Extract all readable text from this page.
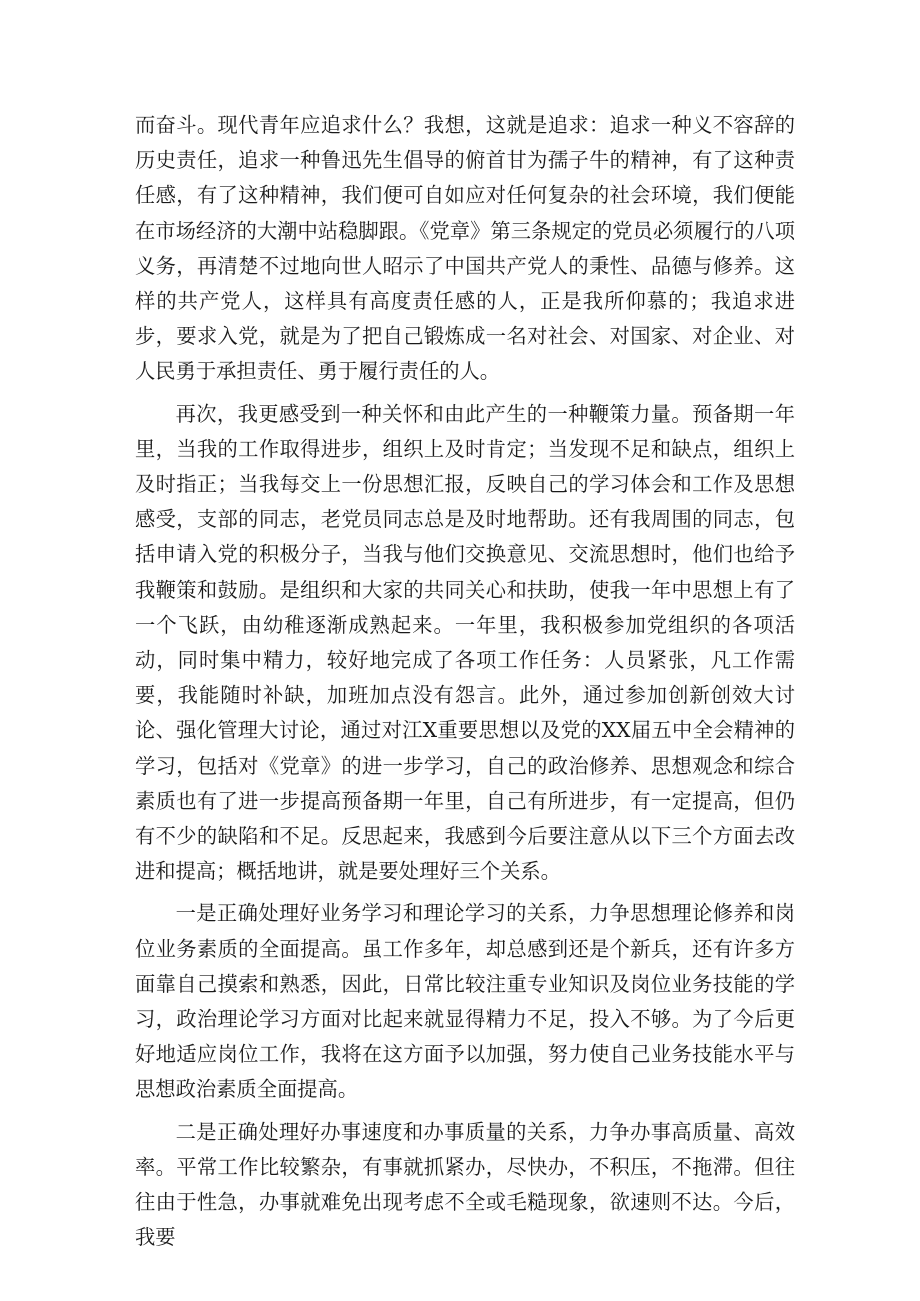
而奋斗。现代青年应追求什么？我想，这就是追求：追求一种义不容辞的历史责任，追求一种鲁迅先生倡导的俯首甘为孺子牛的精神，有了这种责任感，有了这种精神，我们便可自如应对任何复杂的社会环境，我们便能在市场经济的大潮中站稳脚跟。《党章》第三条规定的党员必须履行的八项义务，再清楚不过地向世人昭示了中国共产党人的秉性、品德与修养。这样的共产党人，这样具有高度责任感的人，正是我所仰慕的；我追求进步，要求入党，就是为了把自己锻炼成一名对社会、对国家、对企业、对人民勇于承担责任、勇于履行责任的人。

再次，我更感受到一种关怀和由此产生的一种鞭策力量。预备期一年里，当我的工作取得进步，组织上及时肯定；当发现不足和缺点，组织上及时指正；当我每交上一份思想汇报，反映自己的学习体会和工作及思想感受，支部的同志，老党员同志总是及时地帮助。还有我周围的同志，包括申请入党的积极分子，当我与他们交换意见、交流思想时，他们也给予我鞭策和鼓励。是组织和大家的共同关心和扶助，使我一年中思想上有了一个飞跃，由幼稚逐渐成熟起来。一年里，我积极参加党组织的各项活动，同时集中精力，较好地完成了各项工作任务：人员紧张，凡工作需要，我能随时补缺，加班加点没有怨言。此外，通过参加创新创效大讨论、强化管理大讨论，通过对江X重要思想以及党的XX届五中全会精神的学习，包括对《党章》的进一步学习，自己的政治修养、思想观念和综合素质也有了进一步提高预备期一年里，自己有所进步，有一定提高，但仍有不少的缺陷和不足。反思起来，我感到今后要注意从以下三个方面去改进和提高；概括地讲，就是要处理好三个关系。

一是正确处理好业务学习和理论学习的关系，力争思想理论修养和岗位业务素质的全面提高。虽工作多年，却总感到还是个新兵，还有许多方面靠自己摸索和熟悉，因此，日常比较注重专业知识及岗位业务技能的学习，政治理论学习方面对比起来就显得精力不足，投入不够。为了今后更好地适应岗位工作，我将在这方面予以加强，努力使自己业务技能水平与思想政治素质全面提高。

二是正确处理好办事速度和办事质量的关系，力争办事高质量、高效率。平常工作比较繁杂，有事就抓紧办，尽快办，不积压，不拖滞。但往往由于性急，办事就难免出现考虑不全或毛糙现象，欲速则不达。今后，我要
